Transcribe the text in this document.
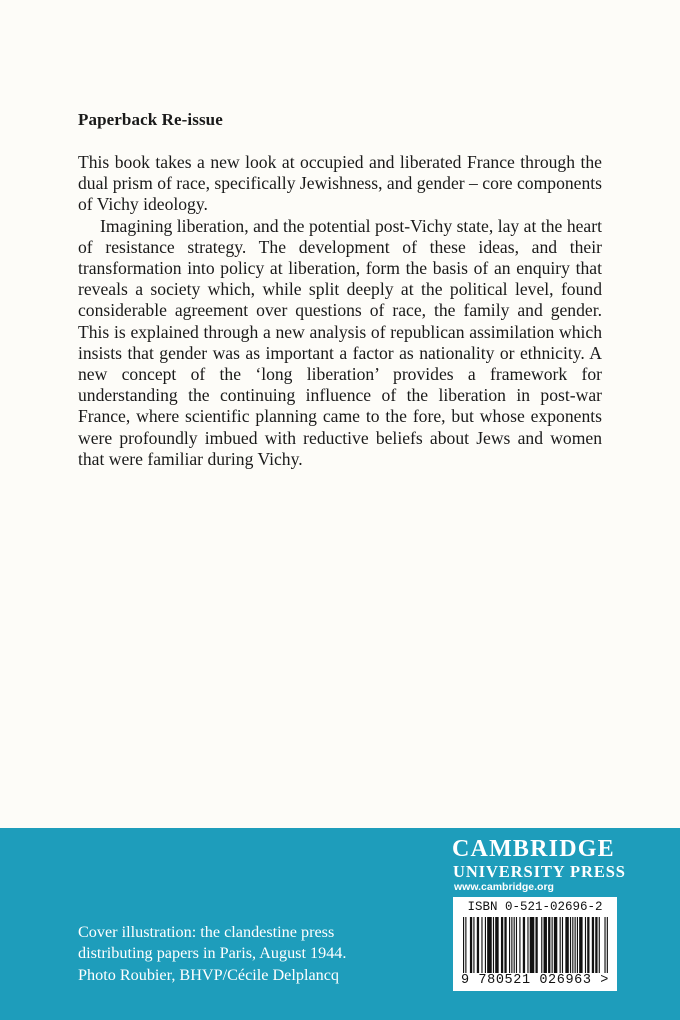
Paperback Re-issue

This book takes a new look at occupied and liberated France through the dual prism of race, specifically Jewishness, and gender – core components of Vichy ideology.

Imagining liberation, and the potential post-Vichy state, lay at the heart of resistance strategy. The development of these ideas, and their transformation into policy at liberation, form the basis of an enquiry that reveals a society which, while split deeply at the political level, found considerable agreement over questions of race, the family and gender. This is explained through a new analysis of republican assimilation which insists that gender was as important a factor as nationality or ethnicity. A new concept of the ‘long liberation’ provides a framework for understanding the continuing influence of the liberation in post-war France, where scientific planning came to the fore, but whose exponents were profoundly imbued with reductive beliefs about Jews and women that were familiar during Vichy.

CAMBRIDGE
UNIVERSITY PRESS
www.cambridge.org
ISBN 0-521-02696-2
9 780521 026963 >
Cover illustration: the clandestine press
distributing papers in Paris, August 1944.
Photo Roubier, BHVP/Cécile Delplancq
